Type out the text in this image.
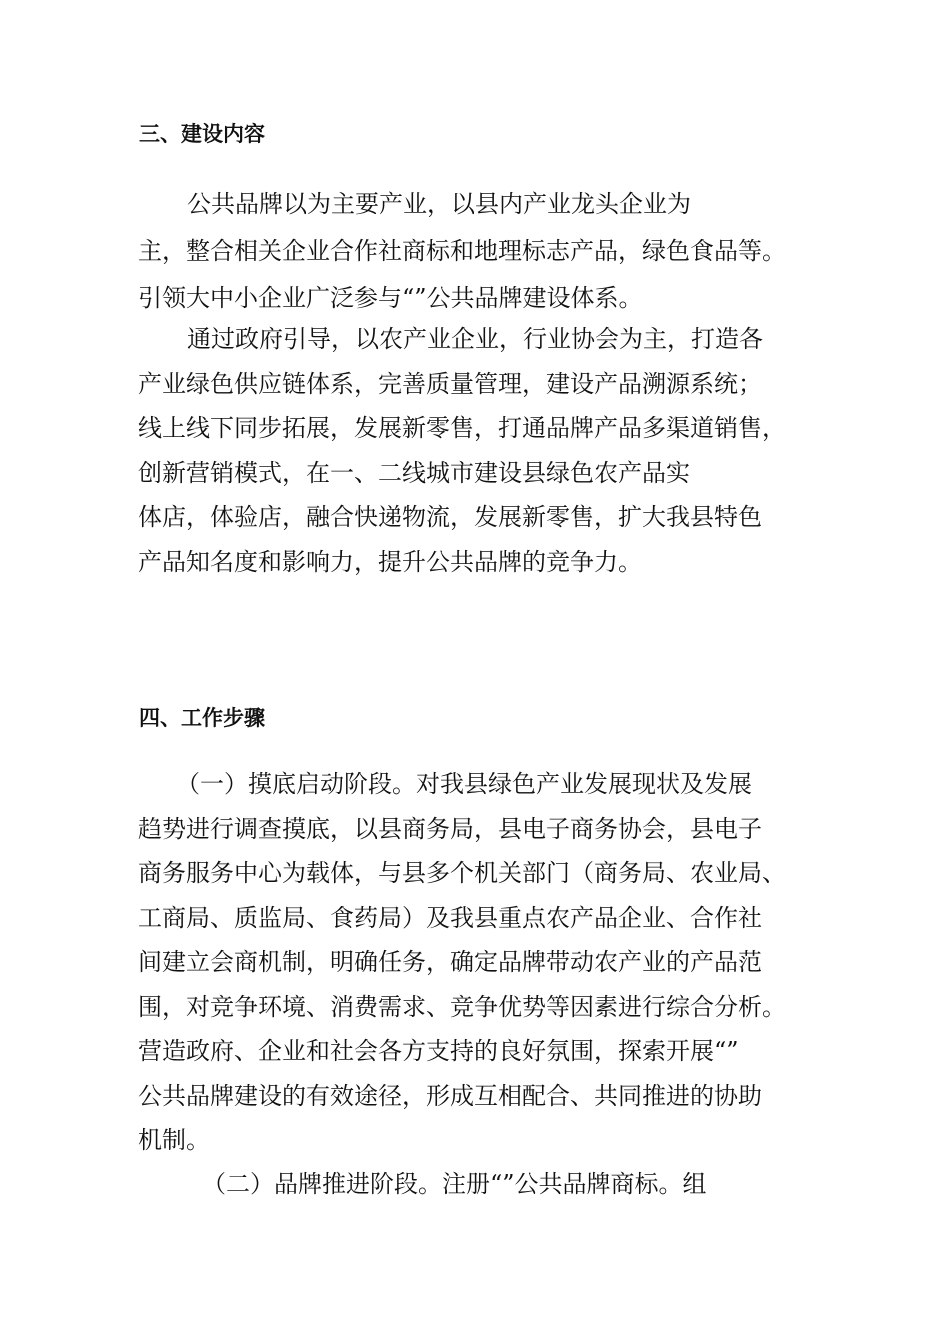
三、建设内容

公共品牌以为主要产业，以县内产业龙头企业为

主，整合相关企业合作社商标和地理标志产品，绿色食品等。

引领大中小企业广泛参与“”公共品牌建设体系。

通过政府引导，以农产业企业，行业协会为主，打造各

产业绿色供应链体系，完善质量管理，建设产品溯源系统；

线上线下同步拓展，发展新零售，打通品牌产品多渠道销售，

创新营销模式，在一、二线城市建设县绿色农产品实

体店，体验店，融合快递物流，发展新零售，扩大我县特色

产品知名度和影响力，提升公共品牌的竞争力。

四、工作步骤

（一）摸底启动阶段。对我县绿色产业发展现状及发展

趋势进行调查摸底，以县商务局，县电子商务协会，县电子

商务服务中心为载体，与县多个机关部门（商务局、农业局、

工商局、质监局、食药局）及我县重点农产品企业、合作社

间建立会商机制，明确任务，确定品牌带动农产业的产品范

围，对竞争环境、消费需求、竞争优势等因素进行综合分析。

营造政府、企业和社会各方支持的良好氛围，探索开展“”

公共品牌建设的有效途径，形成互相配合、共同推进的协助

机制。

（二）品牌推进阶段。注册“”公共品牌商标。组
